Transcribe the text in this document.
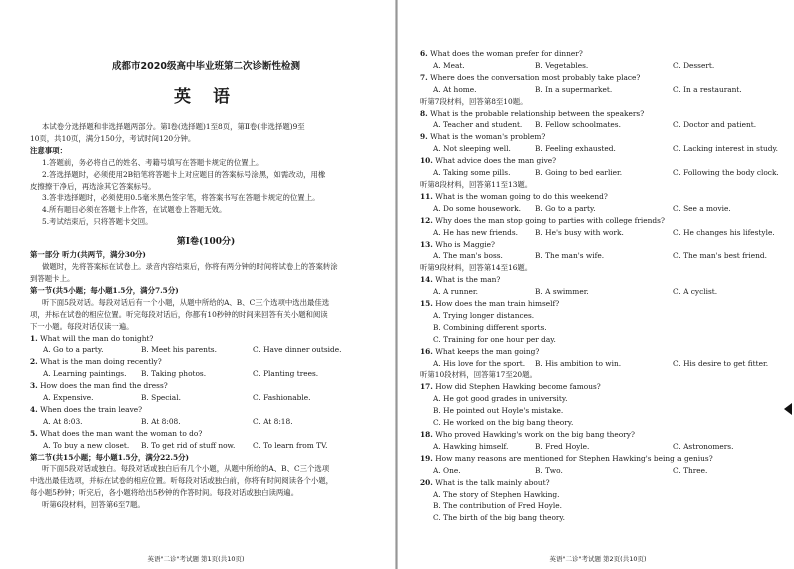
成都市2020级高中毕业班第二次诊断性检测
英 语
本试卷分选择题和非选择题两部分。第Ⅰ卷(选择题)1至8页，第Ⅱ卷(非选择题)9至
10页，共10页，满分150分，考试时间120分钟。
注意事项：
1.答题前，务必将自己的姓名、考籍号填写在答题卡规定的位置上。
2.答选择题时，必须使用2B铅笔将答题卡上对应题目的答案标号涂黑，如需改动，用橡
皮擦擦干净后，再选涂其它答案标号。
3.答非选择题时，必须使用0.5毫米黑色签字笔，将答案书写在答题卡规定的位置上。
4.所有题目必须在答题卡上作答，在试题卷上答题无效。
5.考试结束后，只将答题卡交回。
第Ⅰ卷(100分)
第一部分 听力(共两节，满分30分)
做题时，先将答案标在试卷上。录音内容结束后，你将有两分钟的时间将试卷上的答案转涂
到答题卡上。
第一节(共5小题；每小题1.5分，满分7.5分)
听下面5段对话。每段对话后有一个小题，从题中所给的A、B、C三个选项中选出最佳选
项，并标在试卷的相应位置。听完每段对话后，你都有10秒钟的时间来回答有关小题和阅读
下一小题。每段对话仅读一遍。
1. What will the man do tonight?
A. Go to a party.	B. Meet his parents.	C. Have dinner outside.
2. What is the man doing recently?
A. Learning paintings.	B. Taking photos.	C. Planting trees.
3. How does the man find the dress?
A. Expensive.	B. Special.	C. Fashionable.
4. When does the train leave?
A. At 8:03.	B. At 8:08.	C. At 8:18.
5. What does the man want the woman to do?
A. To buy a new closet.	B. To get rid of stuff now.	C. To learn from TV.
第二节(共15小题；每小题1.5分，满分22.5分)
听下面5段对话或独白。每段对话或独白后有几个小题，从题中所给的A、B、C三个选项
中选出最佳选项，并标在试卷的相应位置。听每段对话或独白前，你将有时间阅读各个小题，
每小题5秒钟；听完后，各小题将给出5秒钟的作答时间。每段对话或独白读两遍。
听第6段材料，回答第6至7题。
英语"二诊"考试题 第1页(共10页)
6. What does the woman prefer for dinner?
A. Meat.	B. Vegetables.	C. Dessert.
7. Where does the conversation most probably take place?
A. At home.	B. In a supermarket.	C. In a restaurant.
听第7段材料，回答第8至10题。
8. What is the probable relationship between the speakers?
A. Teacher and student.	B. Fellow schoolmates.	C. Doctor and patient.
9. What is the woman's problem?
A. Not sleeping well.	B. Feeling exhausted.	C. Lacking interest in study.
10. What advice does the man give?
A. Taking some pills.	B. Going to bed earlier.	C. Following the body clock.
听第8段材料，回答第11至13题。
11. What is the woman going to do this weekend?
A. Do some housework.	B. Go to a party.	C. See a movie.
12. Why does the man stop going to parties with college friends?
A. He has new friends.	B. He's busy with work.	C. He changes his lifestyle.
13. Who is Maggie?
A. The man's boss.	B. The man's wife.	C. The man's best friend.
听第9段材料，回答第14至16题。
14. What is the man?
A. A runner.	B. A swimmer.	C. A cyclist.
15. How does the man train himself?
A. Trying longer distances.
B. Combining different sports.
C. Training for one hour per day.
16. What keeps the man going?
A. His love for the sport.	B. His ambition to win.	C. His desire to get fitter.
听第10段材料，回答第17至20题。
17. How did Stephen Hawking become famous?
A. He got good grades in university.
B. He pointed out Hoyle's mistake.
C. He worked on the big bang theory.
18. Who proved Hawking's work on the big bang theory?
A. Hawking himself.	B. Fred Hoyle.	C. Astronomers.
19. How many reasons are mentioned for Stephen Hawking's being a genius?
A. One.	B. Two.	C. Three.
20. What is the talk mainly about?
A. The story of Stephen Hawking.
B. The contribution of Fred Hoyle.
C. The birth of the big bang theory.
英语"二诊"考试题 第2页(共10页)
